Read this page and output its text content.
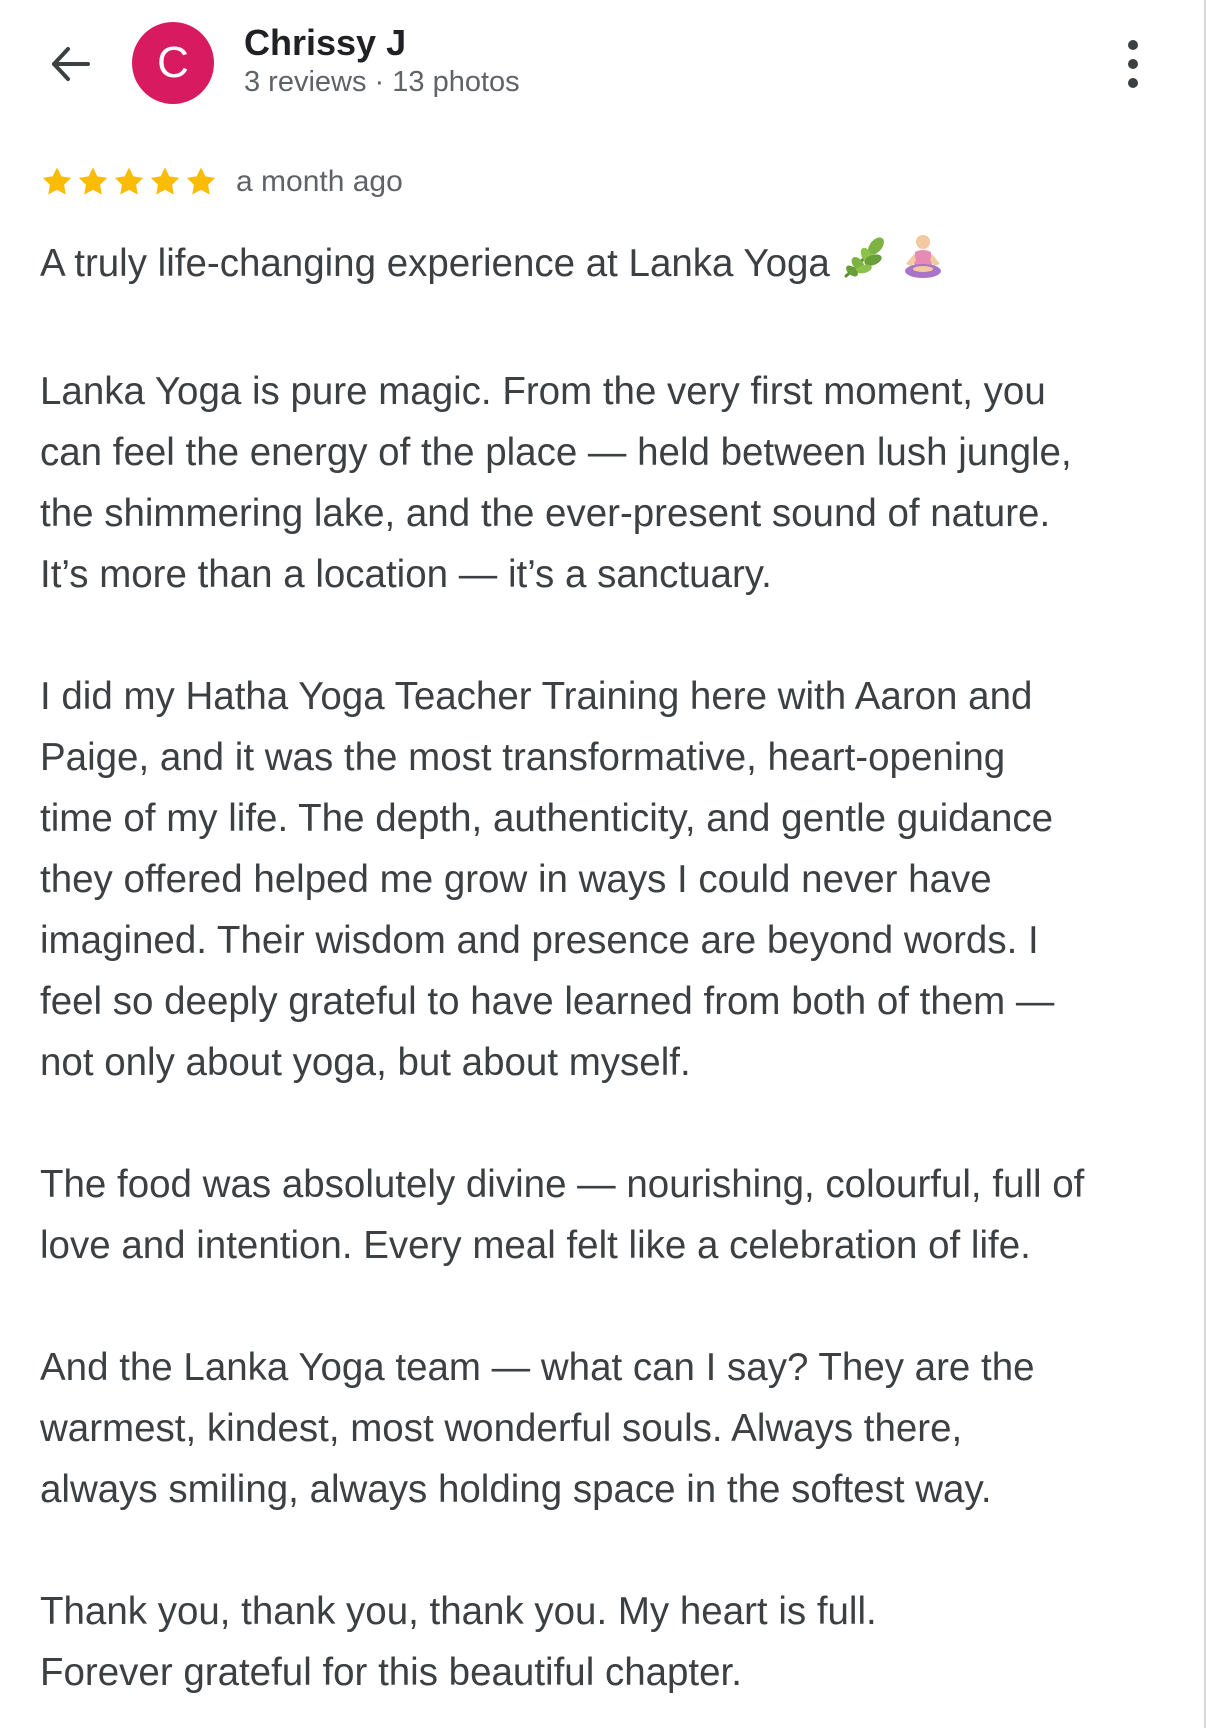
C Chrissy J
3 reviews · 13 photos
a month ago

A truly life-changing experience at Lanka Yoga

Lanka Yoga is pure magic. From the very first moment, you
can feel the energy of the place — held between lush jungle,
the shimmering lake, and the ever-present sound of nature.
It’s more than a location — it’s a sanctuary.

I did my Hatha Yoga Teacher Training here with Aaron and
Paige, and it was the most transformative, heart-opening
time of my life. The depth, authenticity, and gentle guidance
they offered helped me grow in ways I could never have
imagined. Their wisdom and presence are beyond words. I
feel so deeply grateful to have learned from both of them —
not only about yoga, but about myself.

The food was absolutely divine — nourishing, colourful, full of
love and intention. Every meal felt like a celebration of life.

And the Lanka Yoga team — what can I say? They are the
warmest, kindest, most wonderful souls. Always there,
always smiling, always holding space in the softest way.

Thank you, thank you, thank you. My heart is full.
Forever grateful for this beautiful chapter.
